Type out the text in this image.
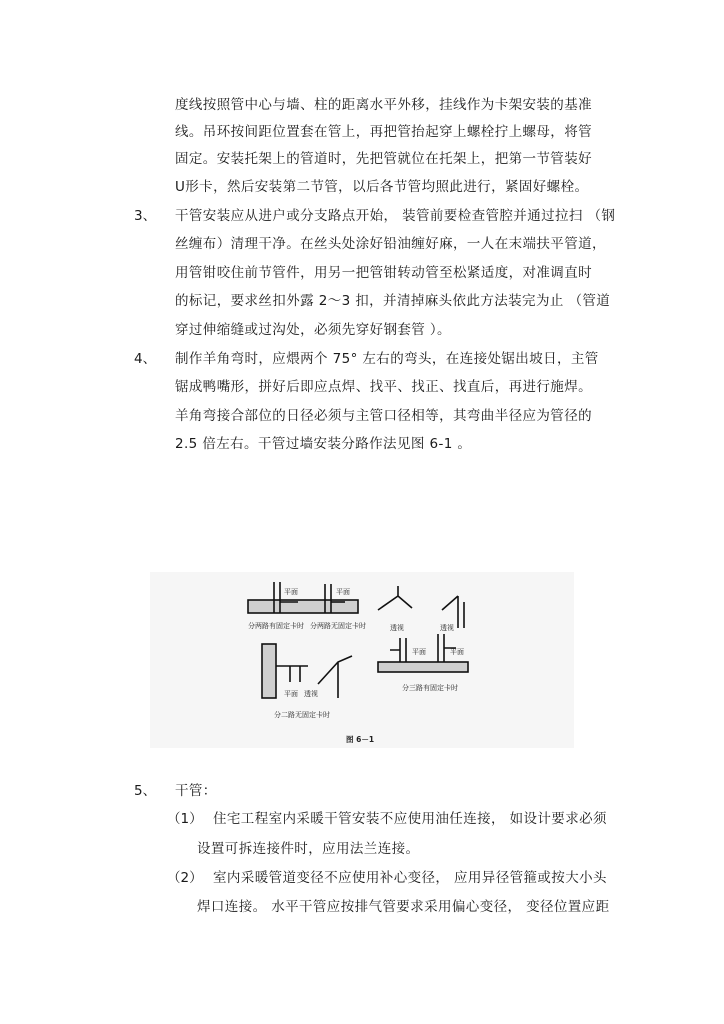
度线按照管中心与墙、柱的距离水平外移，挂线作为卡架安装的基准
线。吊环按间距位置套在管上，再把管抬起穿上螺栓拧上螺母，将管
固定。安装托架上的管道时，先把管就位在托架上，把第一节管装好
U形卡，然后安装第二节管，以后各节管均照此进行，紧固好螺栓。
3、 干管安装应从进户或分支路点开始， 装管前要检查管腔并通过拉扫 （钢
丝缠布）清理干净。在丝头处涂好铅油缠好麻，一人在末端扶平管道，
用管钳咬住前节管件，用另一把管钳转动管至松紧适度，对准调直时
的标记，要求丝扣外露 2～3 扣，并清掉麻头依此方法装完为止 （管道
穿过伸缩缝或过沟处，必须先穿好钢套管 ）。
4、 制作羊角弯时，应煨两个 75° 左右的弯头，在连接处锯出坡日，主管
锯成鸭嘴形，拼好后即应点焊、找平、找正、找直后，再进行施焊。
羊角弯接合部位的日径必须与主管口径相等，其弯曲半径应为管径的
2.5 倍左右。干管过墙安装分路作法见图 6-1 。
平面	平面
分两路有固定卡时 分两路无固定卡时	透视	透视
平面 透视
分二路无固定卡时
平面	平面
分三路有固定卡时
图 6－1
5、 干管：
（1） 住宅工程室内采暖干管安装不应使用油任连接， 如设计要求必须
设置可拆连接件时，应用法兰连接。
（2） 室内采暖管道变径不应使用补心变径， 应用异径管箍或按大小头
焊口连接。 水平干管应按排气管要求采用偏心变径， 变径位置应距
